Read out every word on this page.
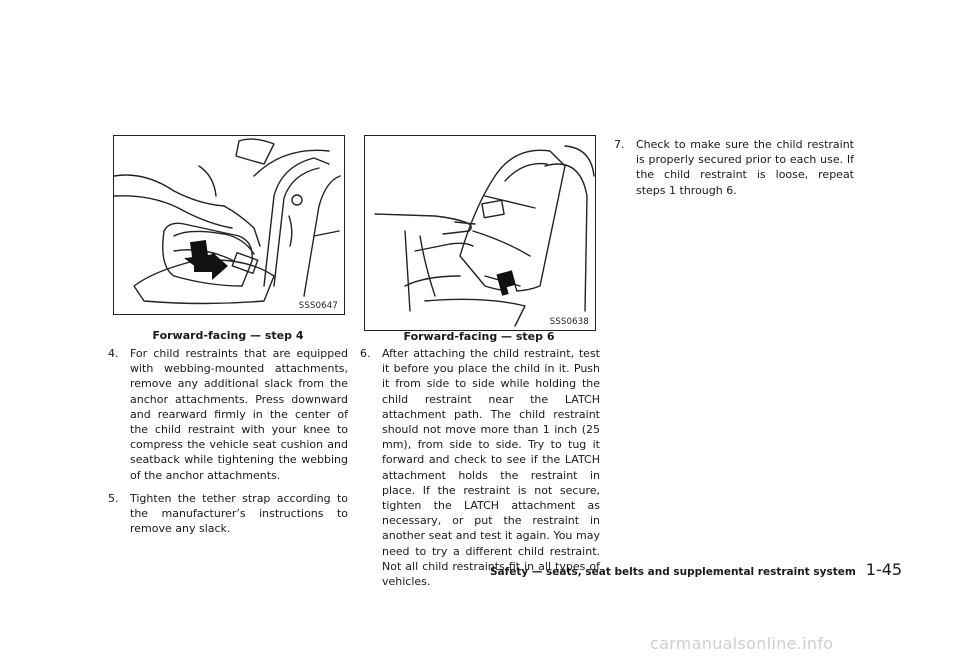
SSS0647
Forward-facing — step 4
SSS0638
Forward-facing — step 6
4. For child restraints that are equipped with webbing-mounted attachments, remove any additional slack from the anchor attachments. Press downward and rearward firmly in the center of the child restraint with your knee to compress the vehicle seat cushion and seatback while tightening the webbing of the anchor attachments.
5. Tighten the tether strap according to the manufacturer’s instructions to remove any slack.
6. After attaching the child restraint, test it before you place the child in it. Push it from side to side while holding the child restraint near the LATCH attachment path. The child restraint should not move more than 1 inch (25 mm), from side to side. Try to tug it forward and check to see if the LATCH attachment holds the restraint in place. If the restraint is not secure, tighten the LATCH attachment as necessary, or put the restraint in another seat and test it again. You may need to try a different child restraint. Not all child restraints fit in all types of vehicles.
7. Check to make sure the child restraint is properly secured prior to each use. If the child restraint is loose, repeat steps 1 through 6.
Safety — seats, seat belts and supplemental restraint system 1-45
carmanualsonline.info
